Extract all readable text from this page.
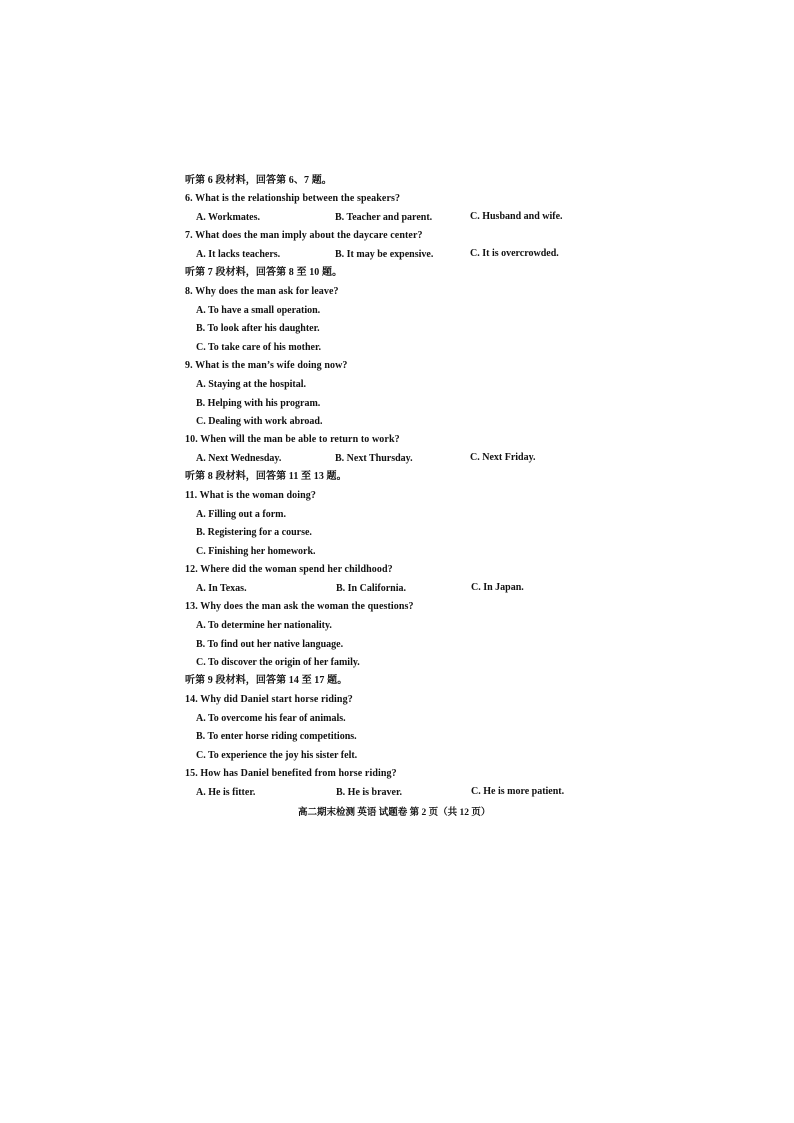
听第 6 段材料，回答第 6、7 题。
6. What is the relationship between the speakers?
A. Workmates.	B. Teacher and parent.	C. Husband and wife.
7. What does the man imply about the daycare center?
A. It lacks teachers.	B. It may be expensive.	C. It is overcrowded.
听第 7 段材料，回答第 8 至 10 题。
8. Why does the man ask for leave?
A. To have a small operation.
B. To look after his daughter.
C. To take care of his mother.
9. What is the man’s wife doing now?
A. Staying at the hospital.
B. Helping with his program.
C. Dealing with work abroad.
10. When will the man be able to return to work?
A. Next Wednesday.	B. Next Thursday.	C. Next Friday.
听第 8 段材料，回答第 11 至 13 题。
11. What is the woman doing?
A. Filling out a form.
B. Registering for a course.
C. Finishing her homework.
12. Where did the woman spend her childhood?
A. In Texas.	B. In California.	C. In Japan.
13. Why does the man ask the woman the questions?
A. To determine her nationality.
B. To find out her native language.
C. To discover the origin of her family.
听第 9 段材料，回答第 14 至 17 题。
14. Why did Daniel start horse riding?
A. To overcome his fear of animals.
B. To enter horse riding competitions.
C. To experience the joy his sister felt.
15. How has Daniel benefited from horse riding?
A. He is fitter.	B. He is braver.	C. He is more patient.
高二期末检测 英语 试题卷 第 2 页（共 12 页）
